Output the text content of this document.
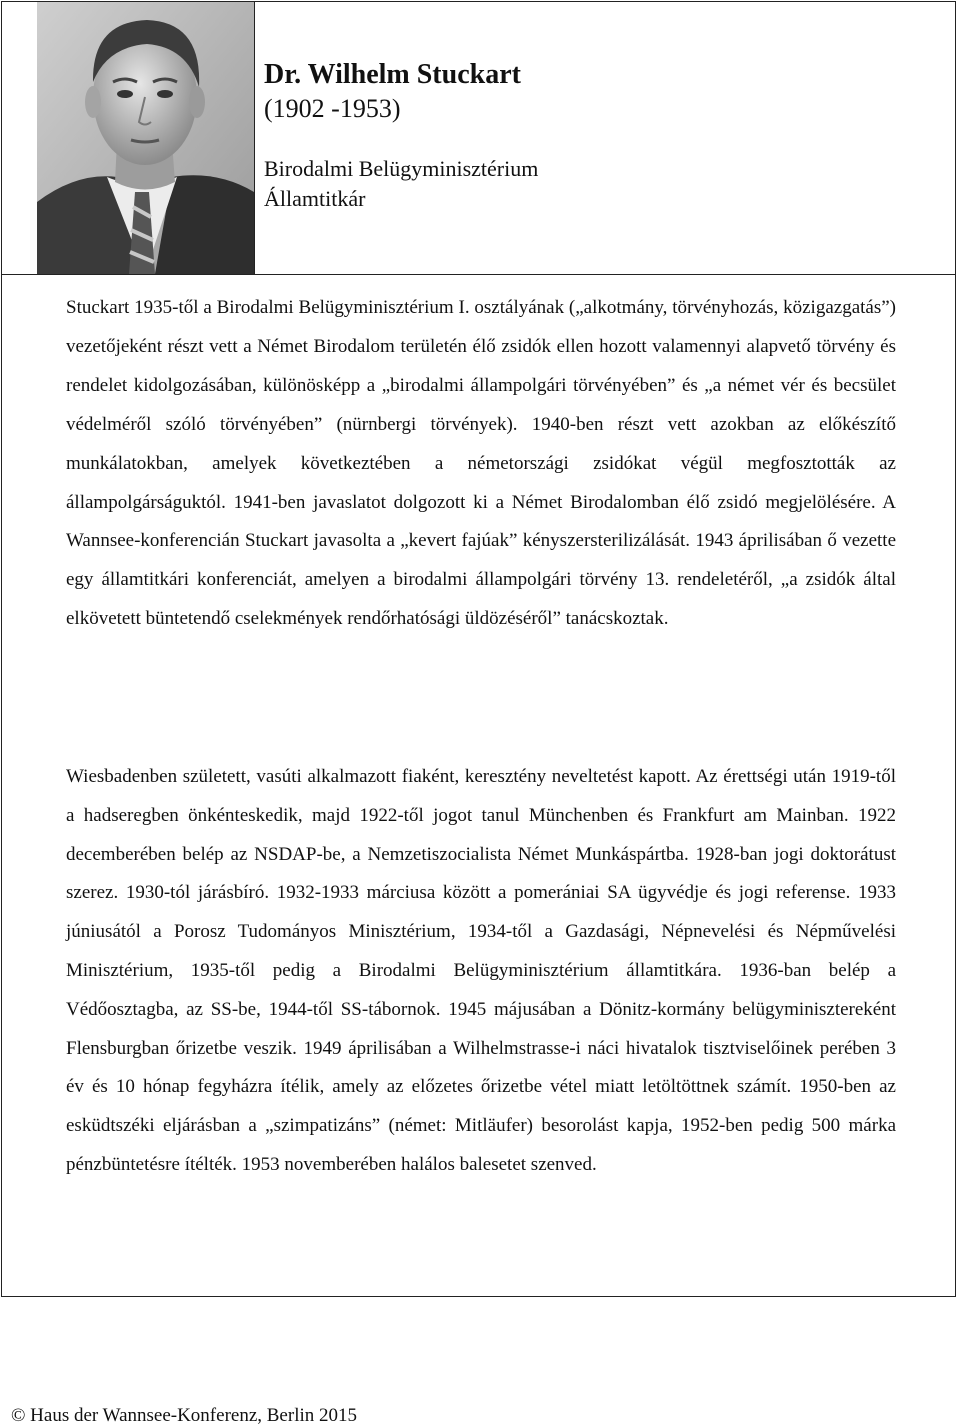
Dr. Wilhelm Stuckart
(1902 -1953)
Birodalmi Belügyminisztérium
Államtitkár

Stuckart 1935-től a Birodalmi Belügyminisztérium I. osztályának („alkotmány, törvényhozás, közigazgatás”) vezetőjeként részt vett a Német Birodalom területén élő zsidók ellen hozott valamennyi alapvető törvény és rendelet kidolgozásában, különösképp a „birodalmi állampolgári törvényében” és „a német vér és becsület védelméről szóló törvényében” (nürnbergi törvények). 1940-ben részt vett azokban az előkészítő munkálatokban, amelyek következtében a németországi zsidókat végül megfosztották az állampolgárságuktól. 1941-ben javaslatot dolgozott ki a Német Birodalomban élő zsidó megjelölésére. A Wannsee-konferencián Stuckart javasolta a „kevert fajúak” kényszersterilizálását. 1943 áprilisában ő vezette egy államtitkári konferenciát, amelyen a birodalmi állampolgári törvény 13. rendeletéről, „a zsidók által elkövetett büntetendő cselekmények rendőrhatósági üldözéséről” tanácskoztak.

Wiesbadenben született, vasúti alkalmazott fiaként, keresztény neveltetést kapott. Az érettségi után 1919-től a hadseregben önkénteskedik, majd 1922-től jogot tanul Münchenben és Frankfurt am Mainban. 1922 decemberében belép az NSDAP-be, a Nemzetiszocialista Német Munkáspártba. 1928-ban jogi doktorátust szerez. 1930-tól járásbíró. 1932-1933 márciusa között a pomerániai SA ügyvédje és jogi referense. 1933 júniusától a Porosz Tudományos Minisztérium, 1934-től a Gazdasági, Népnevelési és Népművelési Minisztérium, 1935-től pedig a Birodalmi Belügyminisztérium államtitkára. 1936-ban belép a Védőosztagba, az SS-be, 1944-től SS-tábornok. 1945 májusában a Dönitz-kormány belügyminisztereként Flensburgban őrizetbe veszik. 1949 áprilisában a Wilhelmstrasse-i náci hivatalok tisztviselőinek perében 3 év és 10 hónap fegyházra ítélik, amely az előzetes őrizetbe vétel miatt letöltöttnek számít. 1950-ben az esküdtszéki eljárásban a „szimpatizáns” (német: Mitläufer) besorolást kapja, 1952-ben pedig 500 márka pénzbüntetésre ítélték. 1953 novemberében halálos balesetet szenved.

© Haus der Wannsee-Konferenz, Berlin 2015
